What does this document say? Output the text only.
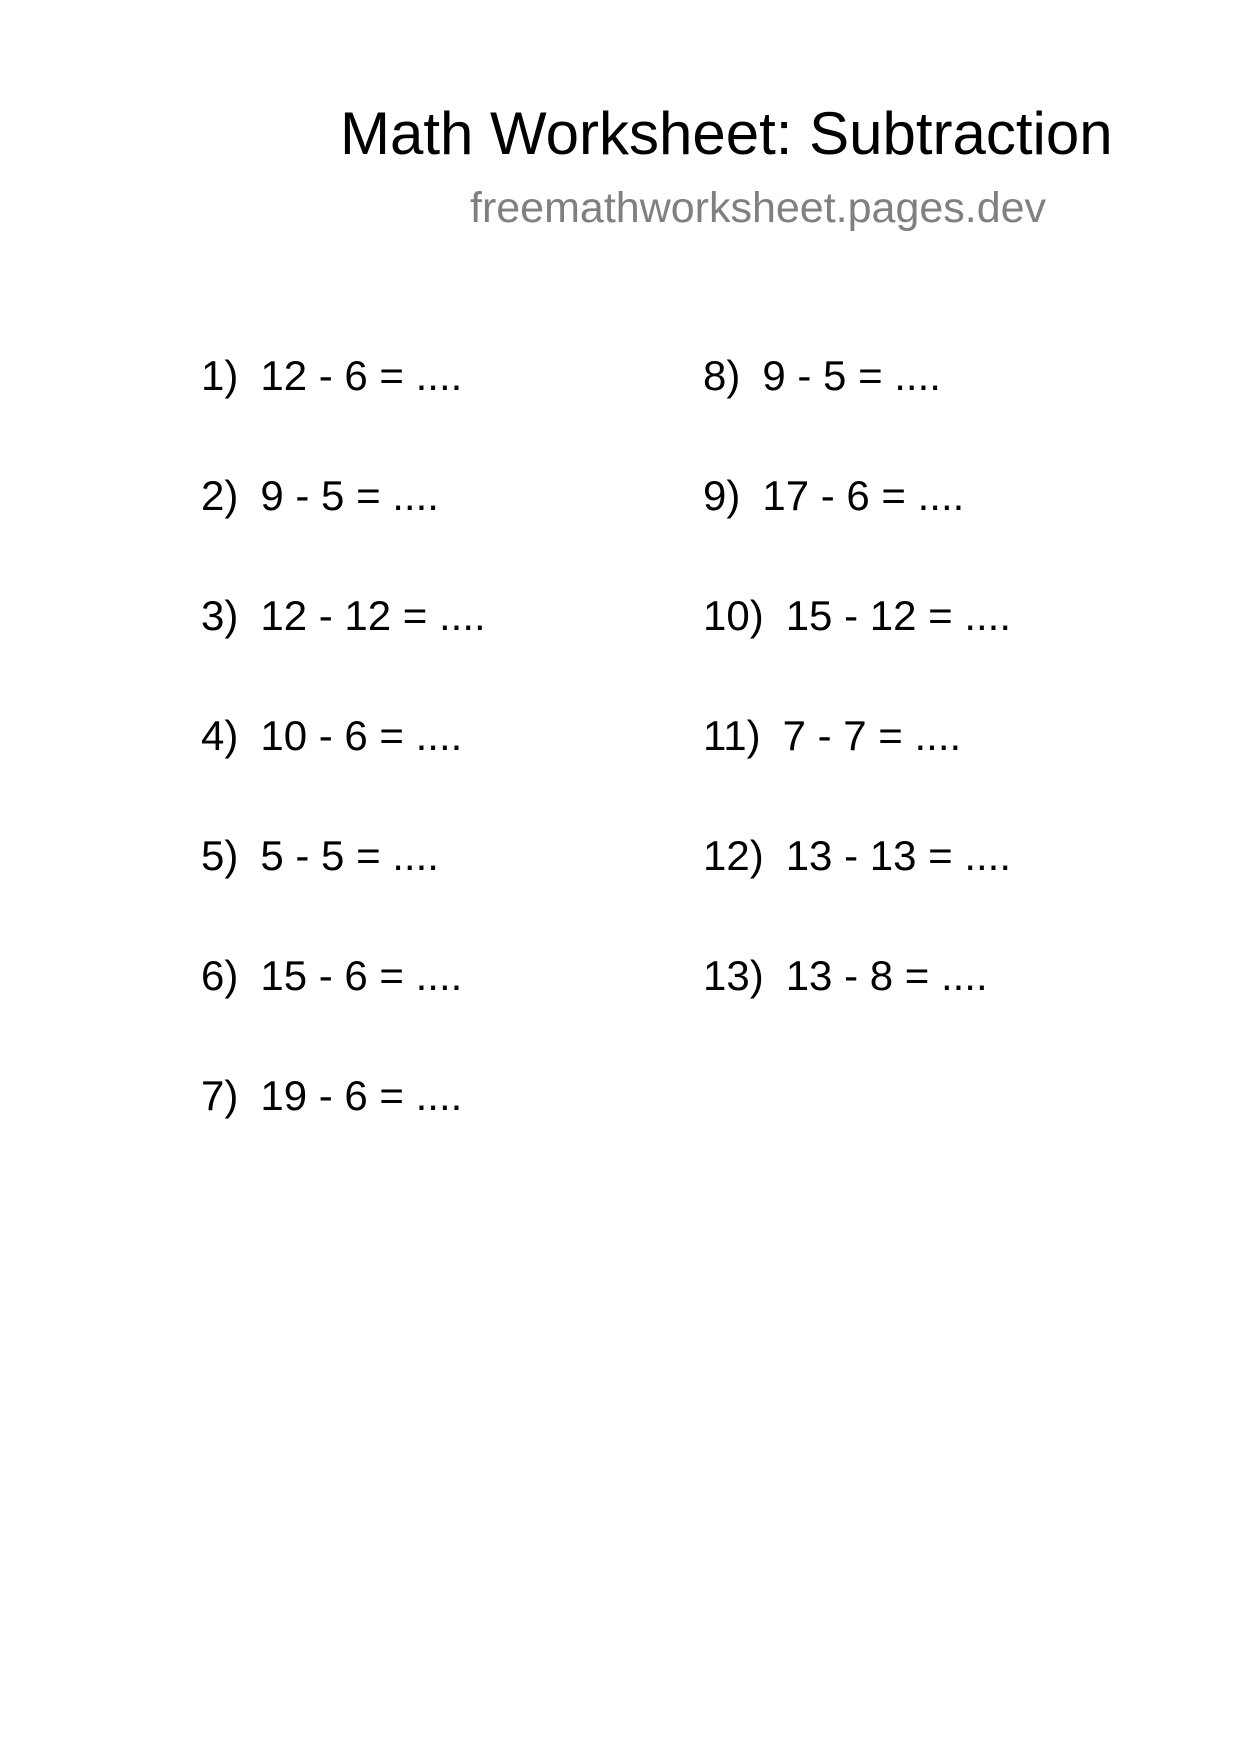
Math Worksheet: Subtraction

freemathworksheet.pages.dev

1) 12 - 6 = ....
2) 9 - 5 = ....
3) 12 - 12 = ....
4) 10 - 6 = ....
5) 5 - 5 = ....
6) 15 - 6 = ....
7) 19 - 6 = ....
8) 9 - 5 = ....
9) 17 - 6 = ....
10) 15 - 12 = ....
11) 7 - 7 = ....
12) 13 - 13 = ....
13) 13 - 8 = ....
